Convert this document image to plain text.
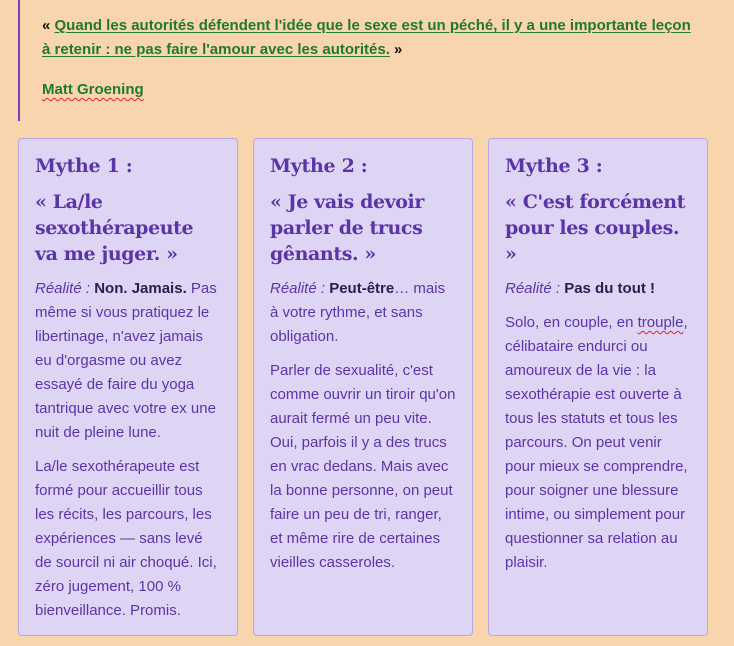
« Quand les autorités défendent l'idée que le sexe est un péché, il y a une importante leçon à retenir : ne pas faire l'amour avec les autorités. »

Matt Groening

Mythe 1 :
« La/le sexothérapeute va me juger. »

Réalité : Non. Jamais. Pas même si vous pratiquez le libertinage, n'avez jamais eu d'orgasme ou avez essayé de faire du yoga tantrique avec votre ex une nuit de pleine lune.

La/le sexothérapeute est formé pour accueillir tous les récits, les parcours, les expériences — sans levé de sourcil ni air choqué. Ici, zéro jugement, 100 % bienveillance. Promis.

Mythe 2 :
« Je vais devoir parler de trucs gênants. »

Réalité : Peut-être… mais à votre rythme, et sans obligation.

Parler de sexualité, c'est comme ouvrir un tiroir qu'on aurait fermé un peu vite. Oui, parfois il y a des trucs en vrac dedans. Mais avec la bonne personne, on peut faire un peu de tri, ranger, et même rire de certaines vieilles casseroles.

Mythe 3 :
« C'est forcément pour les couples. »

Réalité : Pas du tout !

Solo, en couple, en trouple, célibataire endurci ou amoureux de la vie : la sexothérapie est ouverte à tous les statuts et tous les parcours. On peut venir pour mieux se comprendre, pour soigner une blessure intime, ou simplement pour questionner sa relation au plaisir.
